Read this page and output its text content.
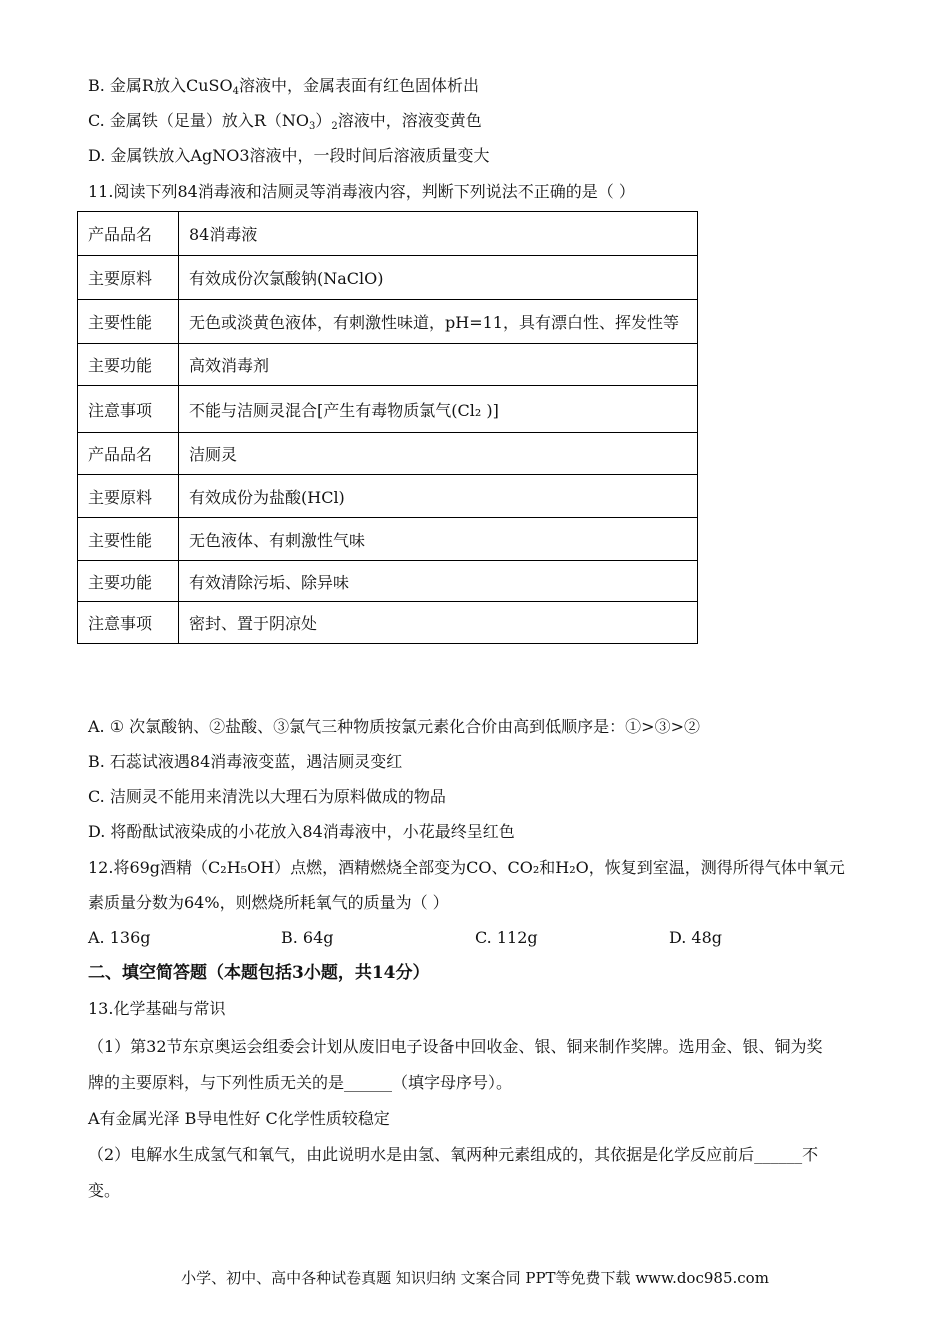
B. 金属R放入CuSO$_4$溶液中，金属表面有红色固体析出
C. 金属铁（足量）放入$R(NO_3)_2$溶液中，溶液变黄色
D. 金属铁放入AgNO3溶液中，一段时间后溶液质量变大
11.阅读下列84消毒液和洁厕灵等消毒液内容，判断下列说法不正确的是（ ）
产品品名	84消毒液
主要原料	有效成份次氯酸钠(NaClO)
主要性能	无色或淡黄色液体，有刺激性味道，pH=11，具有漂白性、挥发性等
主要功能	高效消毒剂
注意事项	不能与洁厕灵混合[产生有毒物质氯气(Cl₂ )]
产品品名	洁厕灵
主要原料	有效成份为盐酸(HCl)
主要性能	无色液体、有刺激性气味
主要功能	有效清除污垢、除异味
注意事项	密封、置于阴凉处
A. ① 次氯酸钠、②盐酸、③氯气三种物质按氯元素化合价由高到低顺序是：①>③>②
B. 石蕊试液遇84消毒液变蓝，遇洁厕灵变红
C. 洁厕灵不能用来清洗以大理石为原料做成的物品
D. 将酚酞试液染成的小花放入84消毒液中，小花最终呈红色
12.将69g酒精（C₂H₅OH）点燃，酒精燃烧全部变为CO、CO₂和H₂O，恢复到室温，测得所得气体中氧元
素质量分数为64%，则燃烧所耗氧气的质量为（ ）
A. 136g	B. 64g	C. 112g	D. 48g
二、填空简答题（本题包括3小题，共14分）
13.化学基础与常识
（1）第32节东京奥运会组委会计划从废旧电子设备中回收金、银、铜来制作奖牌。选用金、银、铜为奖
牌的主要原料，与下列性质无关的是______（填字母序号）。
A有金属光泽 B导电性好 C化学性质较稳定
（2）电解水生成氢气和氧气，由此说明水是由氢、氧两种元素组成的，其依据是化学反应前后______不
变。
小学、初中、高中各种试卷真题 知识归纳 文案合同 PPT等免费下载 www.doc985.com
